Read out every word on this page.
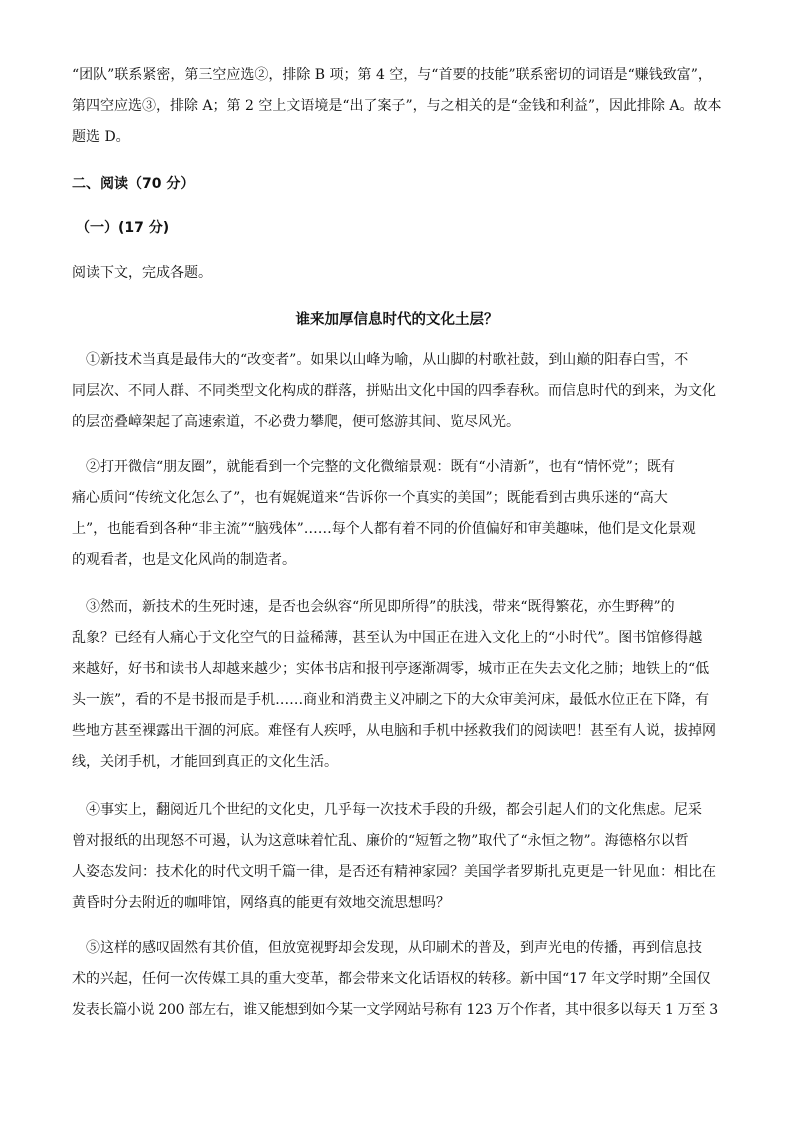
“团队”联系紧密，第三空应选②，排除 B 项；第 4 空，与“首要的技能”联系密切的词语是“赚钱致富”，

第四空应选③，排除 A；第 2 空上文语境是“出了案子”，与之相关的是“金钱和利益”，因此排除 A。故本

题选 D。

二、阅读（70 分）
（一）(17 分)
阅读下文，完成各题。
谁来加厚信息时代的文化土层？

①新技术当真是最伟大的“改变者”。如果以山峰为喻，从山脚的村歌社鼓，到山巅的阳春白雪，不

同层次、不同人群、不同类型文化构成的群落，拼贴出文化中国的四季春秋。而信息时代的到来，为文化

的层峦叠嶂架起了高速索道，不必费力攀爬，便可悠游其间、览尽风光。

②打开微信“朋友圈”，就能看到一个完整的文化微缩景观：既有“小清新”，也有“情怀党”；既有

痛心质问“传统文化怎么了”，也有娓娓道来“告诉你一个真实的美国”；既能看到古典乐迷的“高大

上”，也能看到各种“非主流”“脑残体”……每个人都有着不同的价值偏好和审美趣味，他们是文化景观

的观看者，也是文化风尚的制造者。

③然而，新技术的生死时速，是否也会纵容“所见即所得”的肤浅，带来“既得繁花，亦生野稗”的

乱象？已经有人痛心于文化空气的日益稀薄，甚至认为中国正在进入文化上的“小时代”。图书馆修得越

来越好，好书和读书人却越来越少；实体书店和报刊亭逐渐凋零，城市正在失去文化之肺；地铁上的“低

头一族”，看的不是书报而是手机……商业和消费主义冲刷之下的大众审美河床，最低水位正在下降，有

些地方甚至裸露出干涸的河底。难怪有人疾呼，从电脑和手机中拯救我们的阅读吧！甚至有人说，拔掉网

线，关闭手机，才能回到真正的文化生活。

④事实上，翻阅近几个世纪的文化史，几乎每一次技术手段的升级，都会引起人们的文化焦虑。尼采

曾对报纸的出现怒不可遏，认为这意味着忙乱、廉价的“短暂之物”取代了“永恒之物”。海德格尔以哲

人姿态发问：技术化的时代文明千篇一律，是否还有精神家园？美国学者罗斯扎克更是一针见血：相比在

黄昏时分去附近的咖啡馆，网络真的能更有效地交流思想吗？

⑤这样的感叹固然有其价值，但放宽视野却会发现，从印刷术的普及，到声光电的传播，再到信息技

术的兴起，任何一次传媒工具的重大变革，都会带来文化话语权的转移。新中国“17 年文学时期”全国仅

发表长篇小说 200 部左右，谁又能想到如今某一文学网站号称有 123 万个作者，其中很多以每天 1 万至 3
